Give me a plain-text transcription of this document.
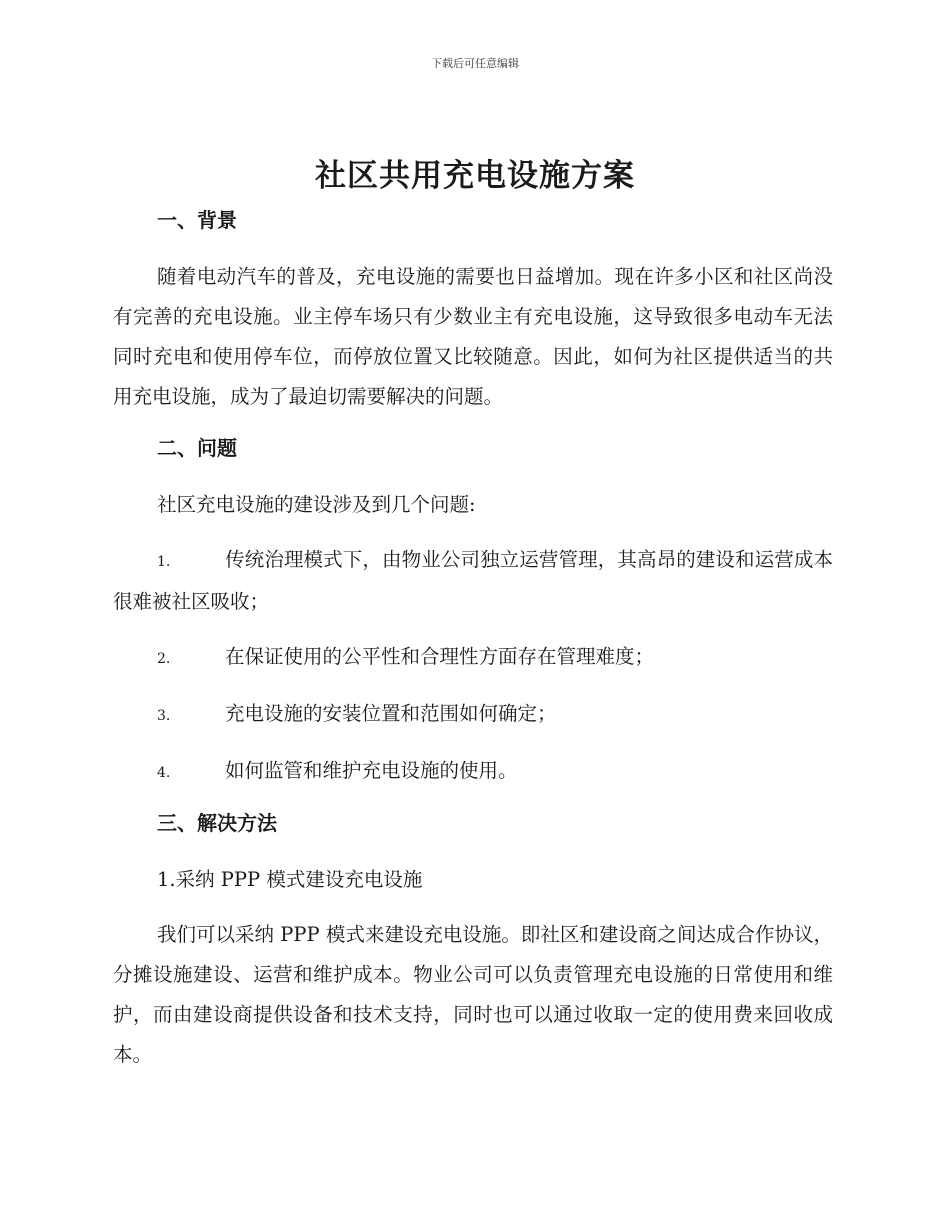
下载后可任意编辑
社区共用充电设施方案
一、背景

随着电动汽车的普及，充电设施的需要也日益增加。现在许多小区和社区尚没有完善的充电设施。业主停车场只有少数业主有充电设施，这导致很多电动车无法同时充电和使用停车位，而停放位置又比较随意。因此，如何为社区提供适当的共用充电设施，成为了最迫切需要解决的问题。

二、问题

社区充电设施的建设涉及到几个问题:

1.	传统治理模式下，由物业公司独立运营管理，其高昂的建设和运营成本很难被社区吸收；

2.	在保证使用的公平性和合理性方面存在管理难度；

3.	充电设施的安装位置和范围如何确定；

4.	如何监管和维护充电设施的使用。

三、解决方法

1.采纳 PPP 模式建设充电设施

我们可以采纳 PPP 模式来建设充电设施。即社区和建设商之间达成合作协议，分摊设施建设、运营和维护成本。物业公司可以负责管理充电设施的日常使用和维护，而由建设商提供设备和技术支持，同时也可以通过收取一定的使用费来回收成本。
